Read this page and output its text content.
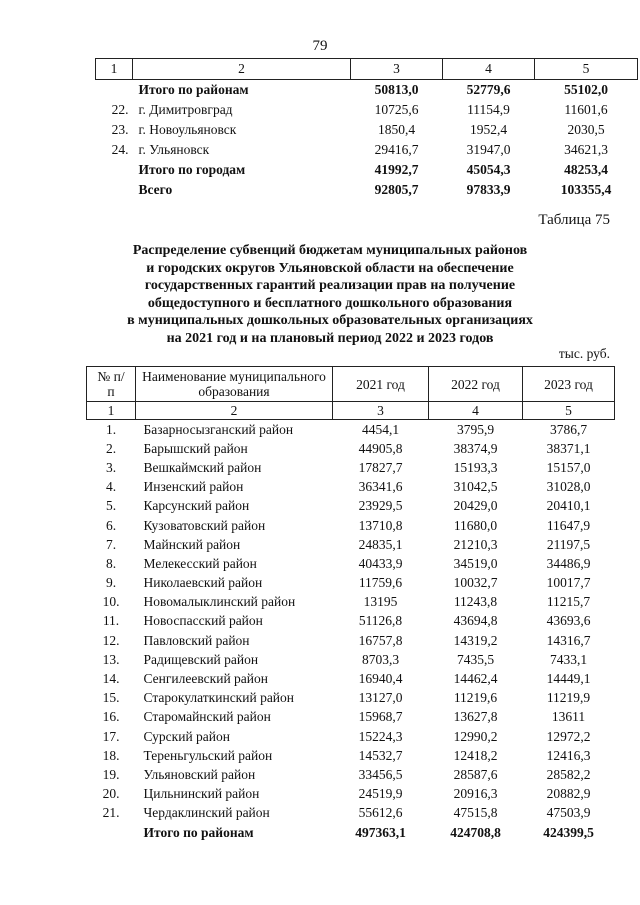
79
1	2	3	4	5
	Итого по районам	50813,0	52779,6	55102,0
22.	г. Димитровград	10725,6	11154,9	11601,6
23.	г. Новоульяновск	1850,4	1952,4	2030,5
24.	г. Ульяновск	29416,7	31947,0	34621,3
	Итого по городам	41992,7	45054,3	48253,4
	Всего	92805,7	97833,9	103355,4
Таблица 75
Распределение субвенций бюджетам муниципальных районов
и городских округов Ульяновской области на обеспечение
государственных гарантий реализации прав на получение
общедоступного и бесплатного дошкольного образования
в муниципальных дошкольных образовательных организациях
на 2021 год и на плановый период 2022 и 2023 годов
тыс. руб.
№ п/п	Наименование муниципального образования	2021 год	2022 год	2023 год
1	2	3	4	5
1.	Базарносызганский район	4454,1	3795,9	3786,7
2.	Барышский район	44905,8	38374,9	38371,1
3.	Вешкаймский район	17827,7	15193,3	15157,0
4.	Инзенский район	36341,6	31042,5	31028,0
5.	Карсунский район	23929,5	20429,0	20410,1
6.	Кузоватовский район	13710,8	11680,0	11647,9
7.	Майнский район	24835,1	21210,3	21197,5
8.	Мелекесский район	40433,9	34519,0	34486,9
9.	Николаевский район	11759,6	10032,7	10017,7
10.	Новомалыклинский район	13195	11243,8	11215,7
11.	Новоспасский район	51126,8	43694,8	43693,6
12.	Павловский район	16757,8	14319,2	14316,7
13.	Радищевский район	8703,3	7435,5	7433,1
14.	Сенгилеевский район	16940,4	14462,4	14449,1
15.	Старокулаткинский район	13127,0	11219,6	11219,9
16.	Старомайнский район	15968,7	13627,8	13611
17.	Сурский район	15224,3	12990,2	12972,2
18.	Тереньгульский район	14532,7	12418,2	12416,3
19.	Ульяновский район	33456,5	28587,6	28582,2
20.	Цильнинский район	24519,9	20916,3	20882,9
21.	Чердаклинский район	55612,6	47515,8	47503,9
	Итого по районам	497363,1	424708,8	424399,5
